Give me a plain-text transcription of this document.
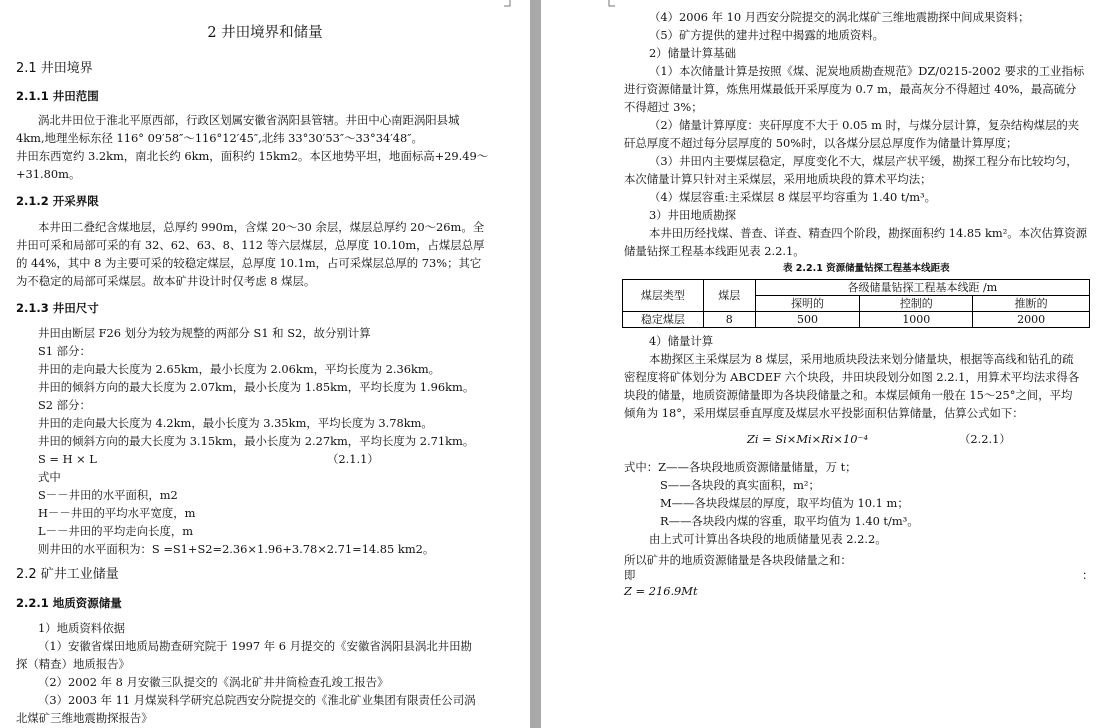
2 井田境界和储量
2.1 井田境界
2.1.1 井田范围
涡北井田位于淮北平原西部，行政区划属安徽省涡阳县管辖。井田中心南距涡阳县城
4km,地理坐标东径 116° 09′58″～116°12′45″,北纬 33°30′53″～33°34′48″。
井田东西宽约 3.2km，南北长约 6km，面积约 15km2。本区地势平坦，地面标高+29.49～
+31.80m。
2.1.2 开采界限
本井田二叠纪含煤地层，总厚约 990m，含煤 20～30 余层，煤层总厚约 20～26m。全
井田可采和局部可采的有 32、62、63、8、112 等六层煤层，总厚度 10.10m，占煤层总厚
的 44%，其中 8 为主要可采的较稳定煤层，总厚度 10.1m，占可采煤层总厚的 73%；其它
为不稳定的局部可采煤层。故本矿井设计时仅考虑 8 煤层。
2.1.3 井田尺寸
井田由断层 F26 划分为较为规整的两部分 S1 和 S2，故分别计算
S1 部分：
井田的走向最大长度为 2.65km，最小长度为 2.06km，平均长度为 2.36km。
井田的倾斜方向的最大长度为 2.07km，最小长度为 1.85km，平均长度为 1.96km。
S2 部分：
井田的走向最大长度为 4.2km，最小长度为 3.35km，平均长度为 3.78km。
井田的倾斜方向的最大长度为 3.15km，最小长度为 2.27km，平均长度为 2.71km。
S = H × L	（2.1.1）
式中
S－－井田的水平面积，m2
H－－井田的平均水平宽度，m
L－－井田的平均走向长度，m
则井田的水平面积为：S =S1+S2=2.36×1.96+3.78×2.71=14.85 km2。
2.2 矿井工业储量
2.2.1 地质资源储量
1）地质资料依据
（1）安徽省煤田地质局勘查研究院于 1997 年 6 月提交的《安徽省涡阳县涡北井田勘
探（精查）地质报告》
（2）2002 年 8 月安徽三队提交的《涡北矿井井筒检查孔竣工报告》
（3）2003 年 11 月煤炭科学研究总院西安分院提交的《淮北矿业集团有限责任公司涡
北煤矿三维地震勘探报告》
（4）2006 年 10 月西安分院提交的涡北煤矿三维地震勘探中间成果资料；
（5）矿方提供的建井过程中揭露的地质资料。
2）储量计算基础
（1）本次储量计算是按照《煤、泥炭地质勘查规范》DZ/0215-2002 要求的工业指标
进行资源储量计算，炼焦用煤最低开采厚度为 0.7 m，最高灰分不得超过 40%，最高硫分
不得超过 3%；
（2）储量计算厚度：夹矸厚度不大于 0.05 m 时，与煤分层计算，复杂结构煤层的夹
矸总厚度不超过每分层厚度的 50%时，以各煤分层总厚度作为储量计算厚度；
（3）井田内主要煤层稳定，厚度变化不大，煤层产状平缓，勘探工程分布比较均匀，
本次储量计算只针对主采煤层，采用地质块段的算术平均法；
（4）煤层容重:主采煤层 8 煤层平均容重为 1.40 t/m³。
3）井田地质勘探
本井田历经找煤、普查、详查、精查四个阶段，勘探面积约 14.85 km²。本次估算资源
储量钻探工程基本线距见表 2.2.1。
表 2.2.1 资源储量钻探工程基本线距表
煤层类型	煤层	各级储量钻探工程基本线距 /m		
		探明的	控制的	推断的
稳定煤层	8	500	1000	2000
4）储量计算
本勘探区主采煤层为 8 煤层，采用地质块段法来划分储量块，根据等高线和钻孔的疏
密程度将矿体划分为 ABCDEF 六个块段，井田块段划分如图 2.2.1，用算术平均法求得各
块段的储量，地质资源储量即为各块段储量之和。本煤层倾角一般在 15～25°之间，平均
倾角为 18°，采用煤层垂直厚度及煤层水平投影面积估算储量，估算公式如下：
Zi = Si×Mi×Ri×10⁻⁴	（2.2.1）
式中：Z——各块段地质资源储量储量，万 t；
S——各块段的真实面积，m²；
M——各块段煤层的厚度，取平均值为 10.1 m；
R——各块段内煤的容重，取平均值为 1.40 t/m³。
由上式可计算出各块段的地质储量见表 2.2.2。
所以矿井的地质资源储量是各块段储量之和：
即	：
Z = 216.9Mt
